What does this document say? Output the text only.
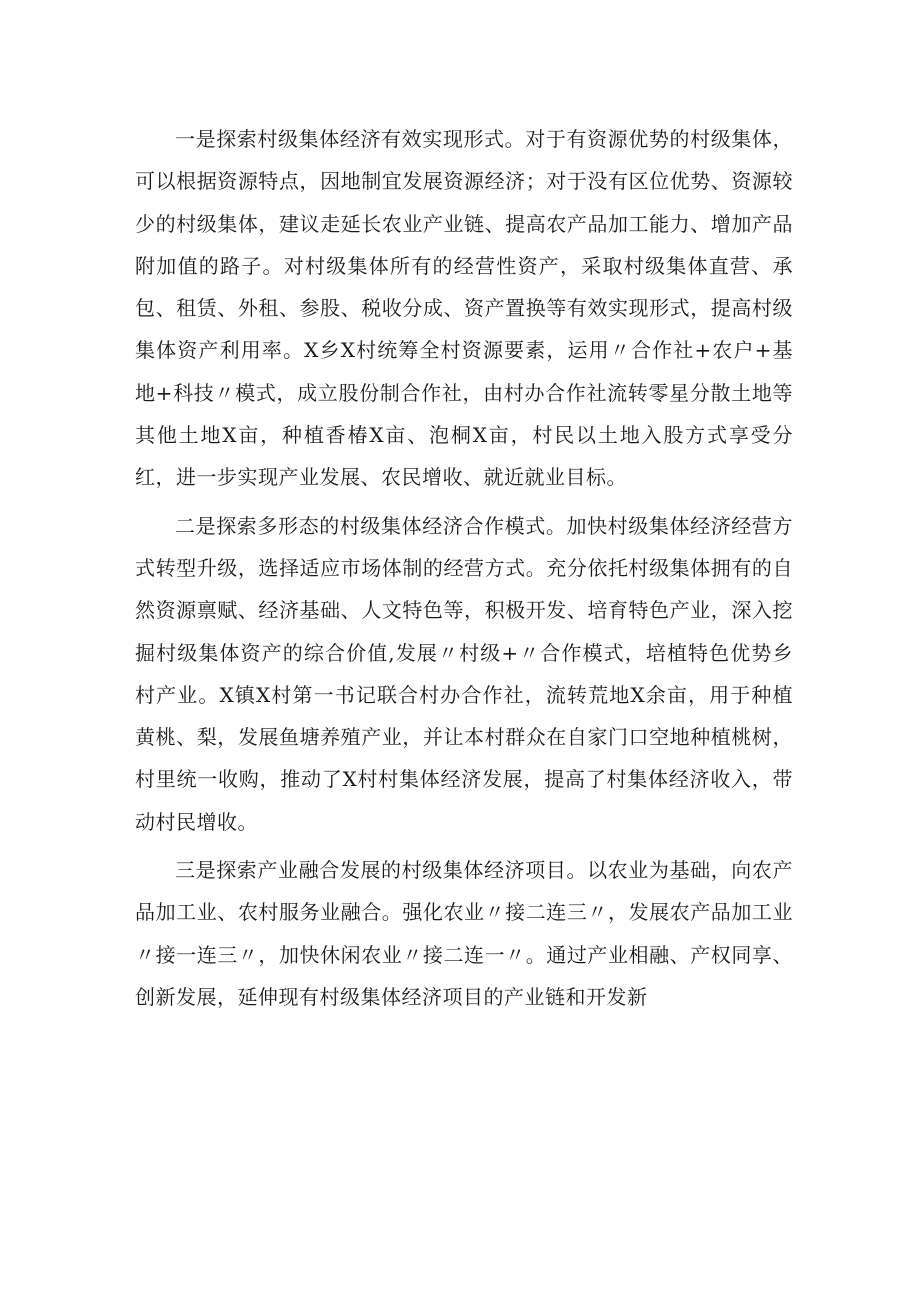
一是探索村级集体经济有效实现形式。对于有资源优势的村级集体，可以根据资源特点，因地制宜发展资源经济；对于没有区位优势、资源较少的村级集体，建议走延长农业产业链、提高农产品加工能力、增加产品附加值的路子。对村级集体所有的经营性资产，采取村级集体直营、承包、租赁、外租、参股、税收分成、资产置换等有效实现形式，提高村级集体资产利用率。X乡X村统筹全村资源要素，运用〃合作社+农户+基地+科技〃模式，成立股份制合作社，由村办合作社流转零星分散土地等其他土地X亩，种植香椿X亩、泡桐X亩，村民以土地入股方式享受分红，进一步实现产业发展、农民增收、就近就业目标。

二是探索多形态的村级集体经济合作模式。加快村级集体经济经营方式转型升级，选择适应市场体制的经营方式。充分依托村级集体拥有的自然资源禀赋、经济基础、人文特色等，积极开发、培育特色产业，深入挖掘村级集体资产的综合价值,发展〃村级+〃合作模式，培植特色优势乡村产业。X镇X村第一书记联合村办合作社，流转荒地X余亩，用于种植黄桃、梨，发展鱼塘养殖产业，并让本村群众在自家门口空地种植桃树，村里统一收购，推动了X村村集体经济发展，提高了村集体经济收入，带动村民增收。

三是探索产业融合发展的村级集体经济项目。以农业为基础，向农产品加工业、农村服务业融合。强化农业〃接二连三〃，发展农产品加工业〃接一连三〃，加快休闲农业〃接二连一〃。通过产业相融、产权同享、创新发展，延伸现有村级集体经济项目的产业链和开发新
